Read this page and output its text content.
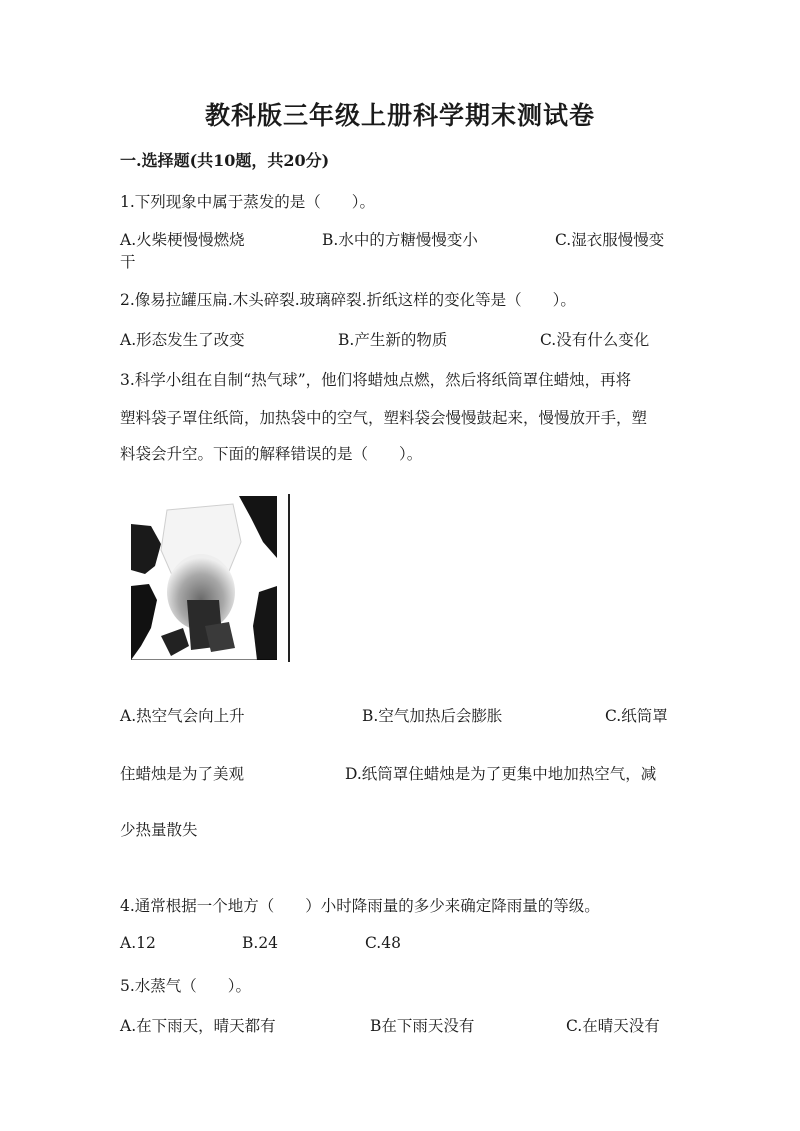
教科版三年级上册科学期末测试卷
一.选择题(共10题，共20分)
1.下列现象中属于蒸发的是（　　）。
A.火柴梗慢慢燃烧	B.水中的方糖慢慢变小	C.湿衣服慢慢变
干
2.像易拉罐压扁.木头碎裂.玻璃碎裂.折纸这样的变化等是（　　）。
A.形态发生了改变	B.产生新的物质	C.没有什么变化
3.科学小组在自制“热气球”，他们将蜡烛点燃，然后将纸筒罩住蜡烛，再将
塑料袋子罩住纸筒，加热袋中的空气，塑料袋会慢慢鼓起来，慢慢放开手，塑
料袋会升空。下面的解释错误的是（　　）。
A.热空气会向上升	B.空气加热后会膨胀	C.纸筒罩
住蜡烛是为了美观	D.纸筒罩住蜡烛是为了更集中地加热空气，减
少热量散失
4.通常根据一个地方（　　）小时降雨量的多少来确定降雨量的等级。
A.12	B.24	C.48
5.水蒸气（　　）。
A.在下雨天，晴天都有	B在下雨天没有	C.在晴天没有
